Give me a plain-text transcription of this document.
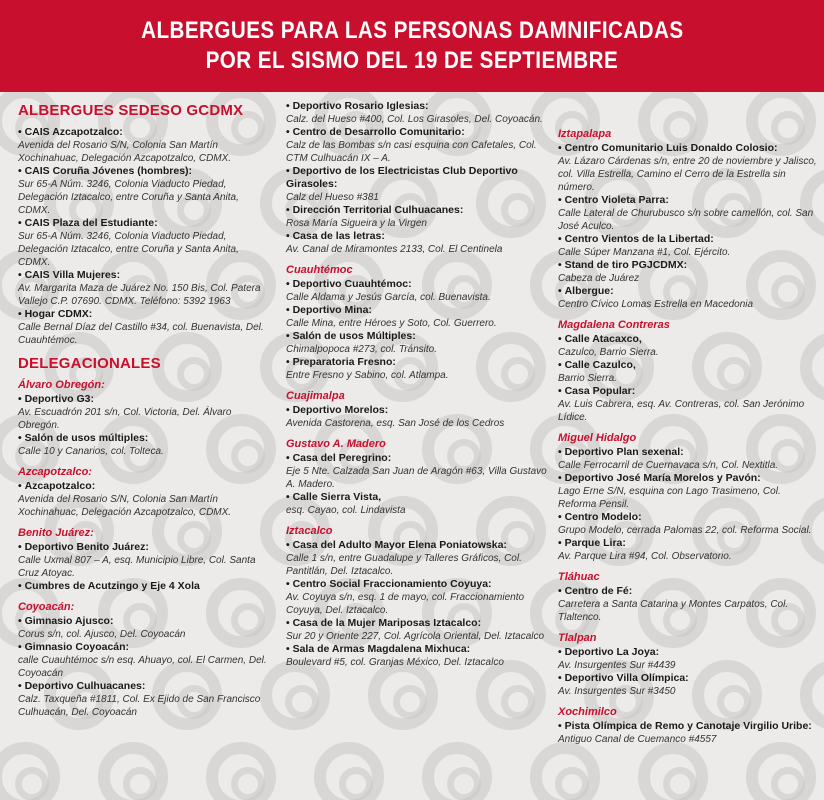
ALBERGUES PARA LAS PERSONAS DAMNIFICADAS
POR EL SISMO DEL 19 DE SEPTIEMBRE
ALBERGUES SEDESO GCDMX

• CAIS Azcapotzalco:
Avenida del Rosario S/N, Colonia San Martín Xochinahuac, Delegación Azcapotzalco, CDMX.

• CAIS Coruña Jóvenes (hombres):
Sur 65-A Núm. 3246, Colonia Viaducto Piedad, Delegación Iztacalco, entre Coruña y Santa Anita, CDMX.

• CAIS Plaza del Estudiante:
Sur 65-A Núm. 3246, Colonia Viaducto Piedad, Delegación Iztacalco, entre Coruña y Santa Anita, CDMX.

• CAIS Villa Mujeres:
Av. Margarita Maza de Juárez No. 150 Bis, Col. Patera Vallejo C.P. 07690. CDMX. Teléfono: 5392 1963

• Hogar CDMX:
Calle Bernal Díaz del Castillo #34, col. Buenavista, Del. Cuauhtémoc.

DELEGACIONALES
Álvaro Obregón:

• Deportivo G3:
Av. Escuadrón 201 s/n, Col. Victoria, Del. Álvaro Obregón.

• Salón de usos múltiples:
Calle 10 y Canarios, col. Tolteca.

Azcapotzalco:

• Azcapotzalco:
Avenida del Rosario S/N, Colonia San Martín Xochinahuac, Delegación Azcapotzalco, CDMX.

Benito Juárez:

• Deportivo Benito Juárez:
Calle Uxmal 807 – A, esq. Municipio Libre, Col. Santa Cruz Atoyac.

• Cumbres de Acutzingo y Eje 4 Xola

Coyoacán:

• Gimnasio Ajusco:
Corus s/n, col. Ajusco, Del. Coyoacán

• Gimnasio Coyoacán:
calle Cuauhtémoc s/n esq. Ahuayo, col. El Carmen, Del. Coyoacán

• Deportivo Culhuacanes:
Calz. Taxqueña #1811, Col. Ex Ejido de San Francisco Culhuacán, Del. Coyoacán

• Deportivo Rosario Iglesias:
Calz. del Hueso #400, Col. Los Girasoles, Del. Coyoacán.

• Centro de Desarrollo Comunitario:
Calz de las Bombas s/n casi esquina con Cafetales, Col. CTM Culhuacán IX – A.

• Deportivo de los Electricistas Club Deportivo Girasoles:
Calz del Hueso #381

• Dirección Territorial Culhuacanes:
Rosa María Sigueira y la Virgen

• Casa de las letras:
Av. Canal de Miramontes 2133, Col. El Centinela

Cuauhtémoc

• Deportivo Cuauhtémoc:
Calle Aldama y Jesús García, col. Buenavista.

• Deportivo Mina:
Calle Mina, entre Héroes y Soto, Col. Guerrero.

• Salón de usos Múltiples:
Chimalpopoca #273, col. Tránsito.

• Preparatoria Fresno:
Entre Fresno y Sabino, col. Atlampa.

Cuajimalpa

• Deportivo Morelos:
Avenida Castorena, esq. San José de los Cedros

Gustavo A. Madero

• Casa del Peregrino:
Eje 5 Nte. Calzada San Juan de Aragón #63, Villa Gustavo A. Madero.

• Calle Sierra Vista,
esq. Cayao, col. Lindavista

Iztacalco

• Casa del Adulto Mayor Elena Poniatowska:
Calle 1 s/n, entre Guadalupe y Talleres Gráficos, Col. Pantitlán, Del. Iztacalco.

• Centro Social Fraccionamiento Coyuya:
Av. Coyuya s/n, esq. 1 de mayo, col. Fraccionamiento Coyuya, Del. Iztacalco.

• Casa de la Mujer Mariposas Iztacalco:
Sur 20 y Oriente 227, Col. Agrícola Oriental, Del. Iztacalco

• Sala de Armas Magdalena Mixhuca:
Boulevard #5, col. Granjas México, Del. Iztacalco

Iztapalapa

• Centro Comunitario Luis Donaldo Colosio:
Av. Lázaro Cárdenas s/n, entre 20 de noviembre y Jalisco, col. Villa Estrella, Camino el Cerro de la Estrella sin número.

• Centro Violeta Parra:
Calle Lateral de Churubusco s/n sobre camellón, col. San José Aculco.

• Centro Vientos de la Libertad:
Calle Súper Manzana #1, Col. Ejército.

• Stand de tiro PGJCDMX:
Cabeza de Juárez

• Albergue:
Centro Cívico Lomas Estrella en Macedonia

Magdalena Contreras

• Calle Atacaxco,
Cazulco, Barrio Sierra.

• Calle Cazulco,
Barrio Sierra.

• Casa Popular:
Av. Luis Cabrera, esq. Av. Contreras, col. San Jerónimo Lídice.

Miguel Hidalgo

• Deportivo Plan sexenal:
Calle Ferrocarril de Cuernavaca s/n, Col. Nextitla.

• Deportivo José María Morelos y Pavón:
Lago Erne S/N, esquina con Lago Trasimeno, Col. Reforma Pensil.

• Centro Modelo:
Grupo Modelo, cerrada Palomas 22, col. Reforma Social.

• Parque Lira:
Av. Parque Lira #94, Col. Observatorio.

Tláhuac

• Centro de Fé:
Carretera a Santa Catarina y Montes Carpatos, Col. Tlaltenco.

Tlalpan

• Deportivo La Joya:
Av. Insurgentes Sur #4439

• Deportivo Villa Olímpica:
Av. Insurgentes Sur #3450

Xochimilco

• Pista Olímpica de Remo y Canotaje Virgilio Uribe:
Antiguo Canal de Cuemanco #4557
